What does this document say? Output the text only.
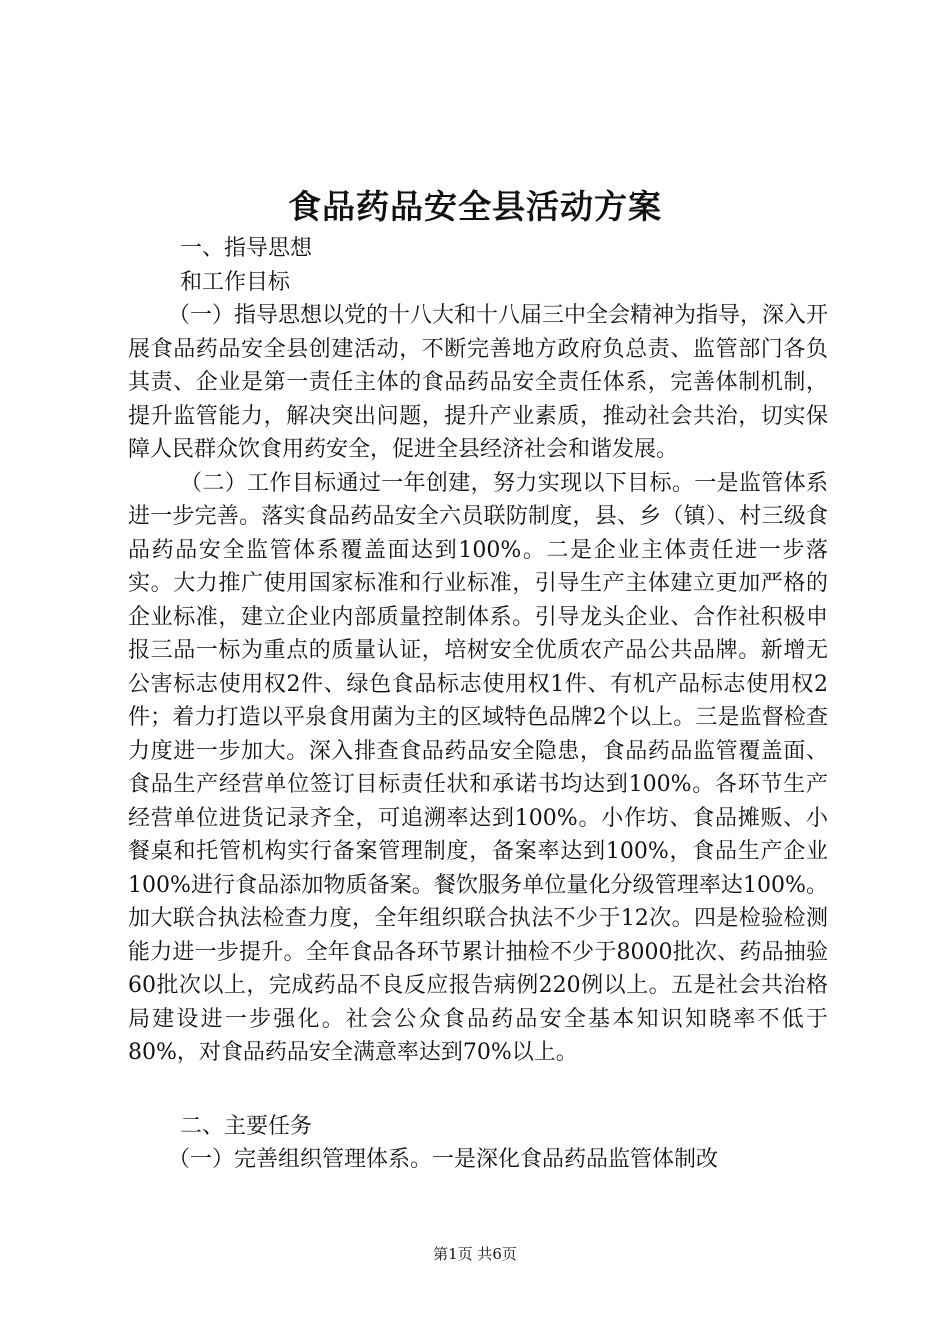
食品药品安全县活动方案

一、指导思想

和工作目标

（一）指导思想以党的十八大和十八届三中全会精神为指导，深入开展食品药品安全县创建活动，不断完善地方政府负总责、监管部门各负其责、企业是第一责任主体的食品药品安全责任体系，完善体制机制，提升监管能力，解决突出问题，提升产业素质，推动社会共治，切实保障人民群众饮食用药安全，促进全县经济社会和谐发展。

（二）工作目标通过一年创建，努力实现以下目标。一是监管体系进一步完善。落实食品药品安全六员联防制度，县、乡（镇）、村三级食品药品安全监管体系覆盖面达到100%。二是企业主体责任进一步落实。大力推广使用国家标准和行业标准，引导生产主体建立更加严格的企业标准，建立企业内部质量控制体系。引导龙头企业、合作社积极申报三品一标为重点的质量认证，培树安全优质农产品公共品牌。新增无公害标志使用权2件、绿色食品标志使用权1件、有机产品标志使用权2件；着力打造以平泉食用菌为主的区域特色品牌2个以上。三是监督检查力度进一步加大。深入排查食品药品安全隐患，食品药品监管覆盖面、食品生产经营单位签订目标责任状和承诺书均达到100%。各环节生产经营单位进货记录齐全，可追溯率达到100%。小作坊、食品摊贩、小餐桌和托管机构实行备案管理制度，备案率达到100%，食品生产企业100%进行食品添加物质备案。餐饮服务单位量化分级管理率达100%。加大联合执法检查力度，全年组织联合执法不少于12次。四是检验检测能力进一步提升。全年食品各环节累计抽检不少于8000批次、药品抽验60批次以上，完成药品不良反应报告病例220例以上。五是社会共治格局建设进一步强化。社会公众食品药品安全基本知识知晓率不低于80%，对食品药品安全满意率达到70%以上。

二、主要任务

（一）完善组织管理体系。一是深化食品药品监管体制改

第1页 共6页
